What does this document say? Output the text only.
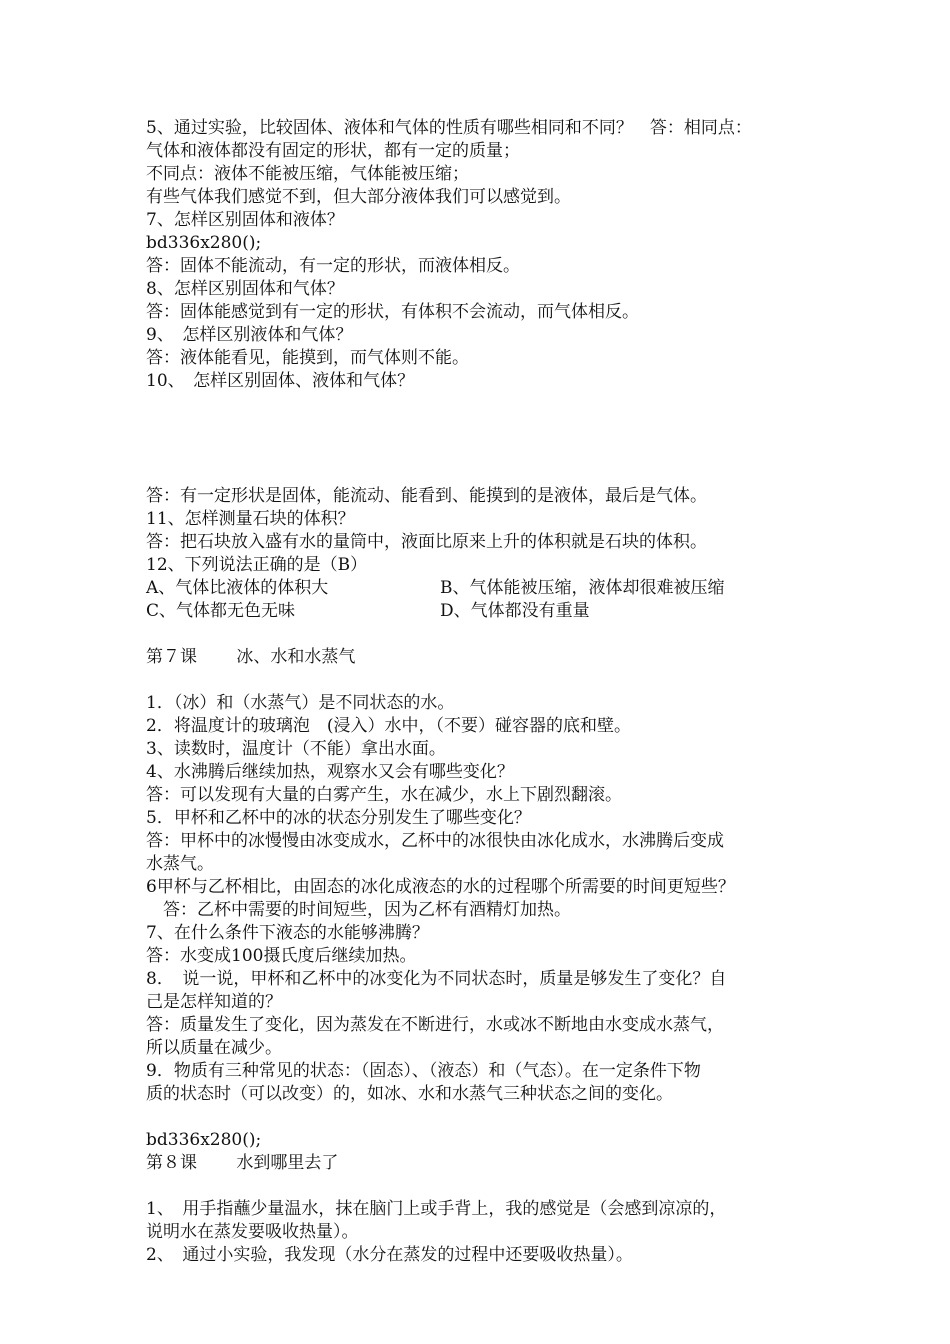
5、通过实验，比较固体、液体和气体的性质有哪些相同和不同？　答：相同点：
气体和液体都没有固定的形状，都有一定的质量；
不同点：液体不能被压缩，气体能被压缩；
有些气体我们感觉不到，但大部分液体我们可以感觉到。
7、怎样区别固体和液体？
bd336x280();
答：固体不能流动，有一定的形状，而液体相反。
8、怎样区别固体和气体？
答：固体能感觉到有一定的形状，有体积不会流动，而气体相反。
9、　怎样区别液体和气体？
答：液体能看见，能摸到，而气体则不能。
10、　怎样区别固体、液体和气体？
答：有一定形状是固体，能流动、能看到、能摸到的是液体，最后是气体。
11、怎样测量石块的体积？
答：把石块放入盛有水的量筒中，液面比原来上升的体积就是石块的体积。
12、下列说法正确的是（B）
A、气体比液体的体积大	B、气体能被压缩，液体却很难被压缩
C、气体都无色无味	D、气体都没有重量
第７课　　 冰、水和水蒸气
1．（冰）和（水蒸气）是不同状态的水。
2．将温度计的玻璃泡　(浸入）水中，（不要）碰容器的底和壁。
3、读数时，温度计（不能）拿出水面。
4、水沸腾后继续加热，观察水又会有哪些变化？
答：可以发现有大量的白雾产生，水在减少，水上下剧烈翻滚。
5．甲杯和乙杯中的冰的状态分别发生了哪些变化？
答：甲杯中的冰慢慢由冰变成水，乙杯中的冰很快由冰化成水，水沸腾后变成
水蒸气。
6甲杯与乙杯相比，由固态的冰化成液态的水的过程哪个所需要的时间更短些？
　答：乙杯中需要的时间短些，因为乙杯有酒精灯加热。
7、在什么条件下液态的水能够沸腾？
答：水变成100摄氏度后继续加热。
8．　说一说，甲杯和乙杯中的冰变化为不同状态时，质量是够发生了变化？自
己是怎样知道的？
答：质量发生了变化，因为蒸发在不断进行，水或冰不断地由水变成水蒸气，
所以质量在减少。
9．物质有三种常见的状态：（固态）、（液态）和（气态）。在一定条件下物
质的状态时（可以改变）的，如冰、水和水蒸气三种状态之间的变化。
bd336x280();
第８课　　 水到哪里去了
1、　用手指蘸少量温水，抹在脑门上或手背上，我的感觉是（会感到凉凉的，
说明水在蒸发要吸收热量）。
2、　通过小实验，我发现（水分在蒸发的过程中还要吸收热量）。
